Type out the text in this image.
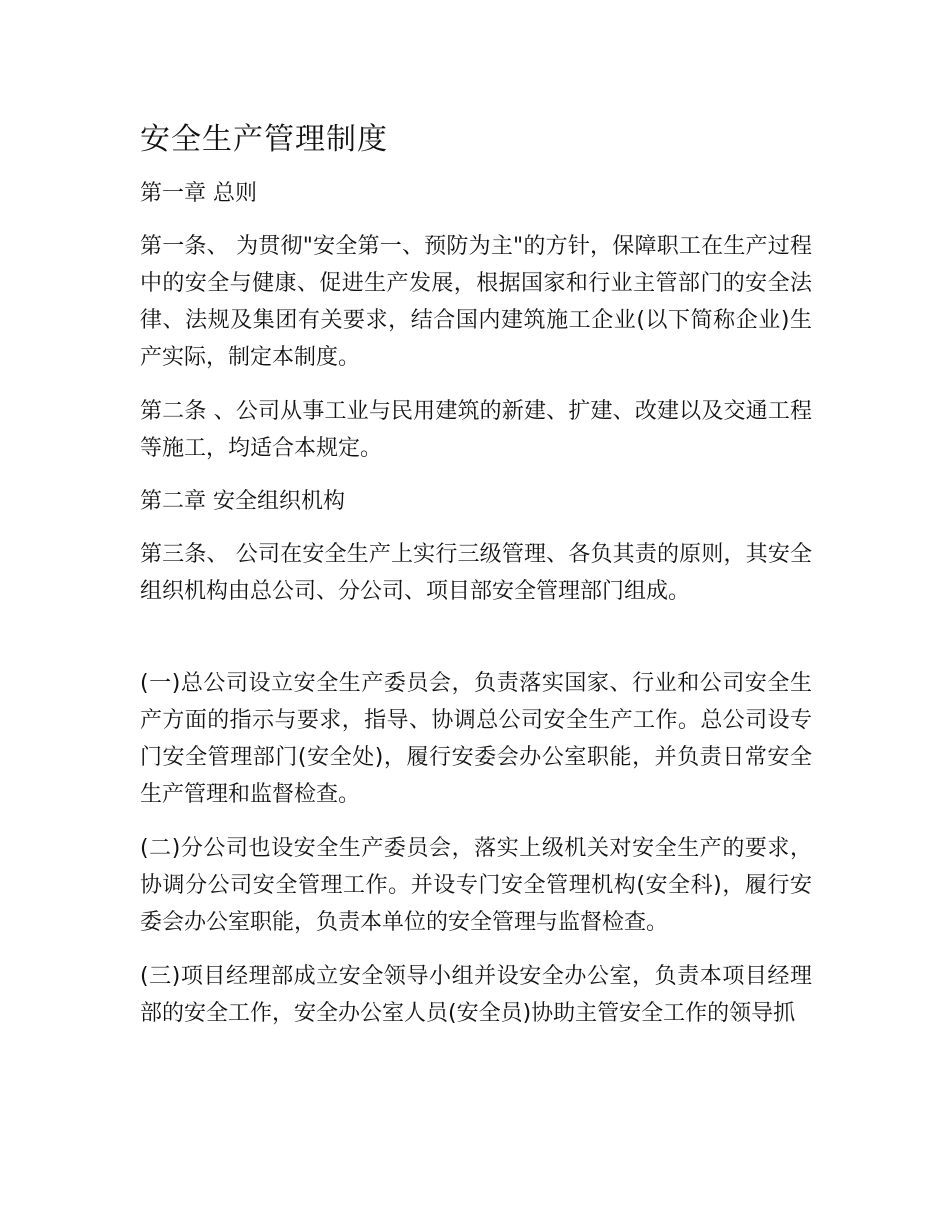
安全生产管理制度
第一章 总则

第一条、 为贯彻"安全第一、预防为主"的方针，保障职工在生产过程中的安全与健康、促进生产发展，根据国家和行业主管部门的安全法律、法规及集团有关要求，结合国内建筑施工企业(以下简称企业)生产实际，制定本制度。

第二条 、公司从事工业与民用建筑的新建、扩建、改建以及交通工程等施工，均适合本规定。

第二章 安全组织机构

第三条、 公司在安全生产上实行三级管理、各负其责的原则，其安全组织机构由总公司、分公司、项目部安全管理部门组成。

(一)总公司设立安全生产委员会，负责落实国家、行业和公司安全生产方面的指示与要求，指导、协调总公司安全生产工作。总公司设专门安全管理部门(安全处)，履行安委会办公室职能，并负责日常安全生产管理和监督检查。

(二)分公司也设安全生产委员会，落实上级机关对安全生产的要求，协调分公司安全管理工作。并设专门安全管理机构(安全科)，履行安委会办公室职能，负责本单位的安全管理与监督检查。

(三)项目经理部成立安全领导小组并设安全办公室，负责本项目经理部的安全工作，安全办公室人员(安全员)协助主管安全工作的领导抓
